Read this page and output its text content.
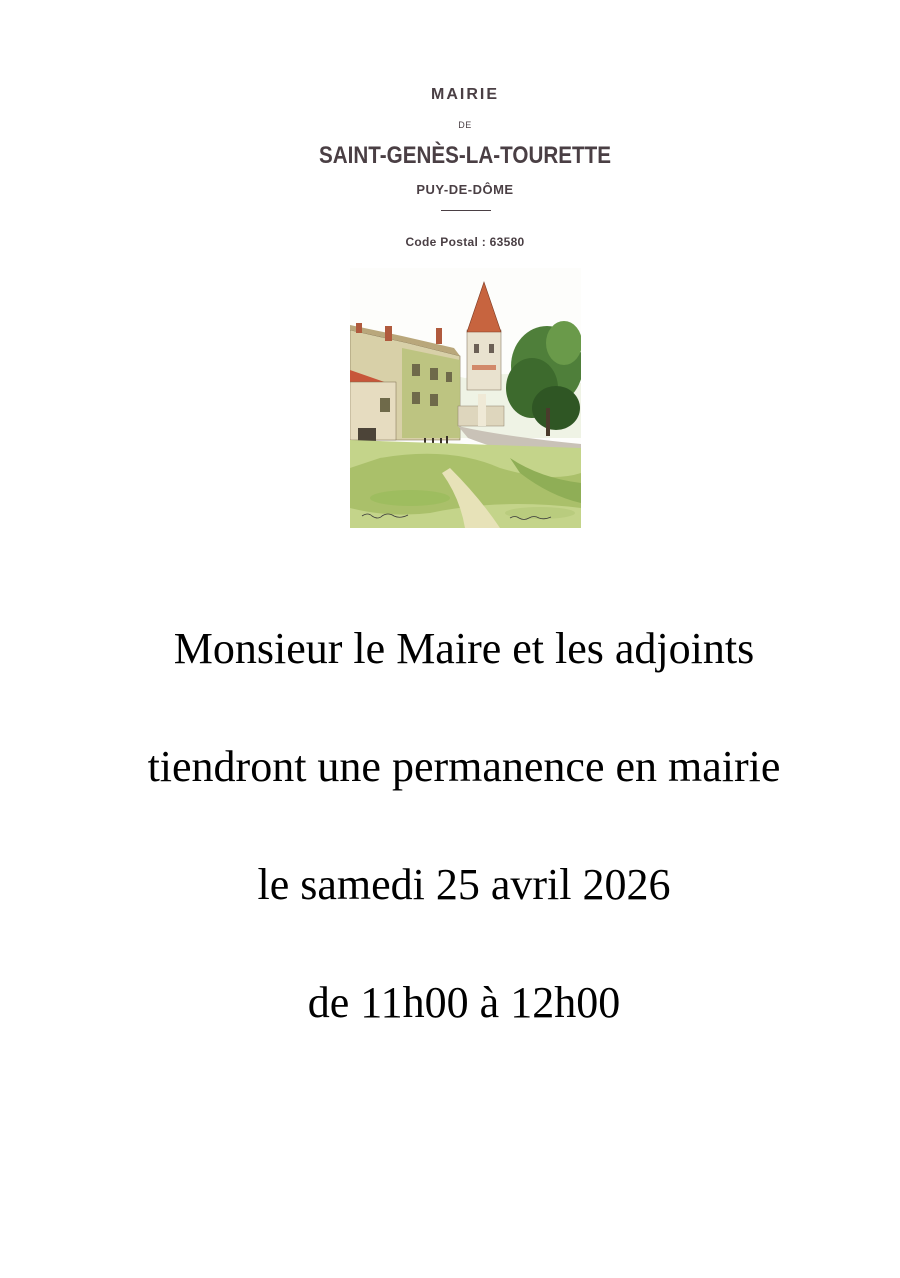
MAIRIE
DE
SAINT-GENÈS-LA-TOURETTE
PUY-DE-DÔME
Code Postal : 63580
Monsieur le Maire et les adjoints
tiendront une permanence en mairie
le samedi 25 avril 2026
de 11h00 à 12h00
